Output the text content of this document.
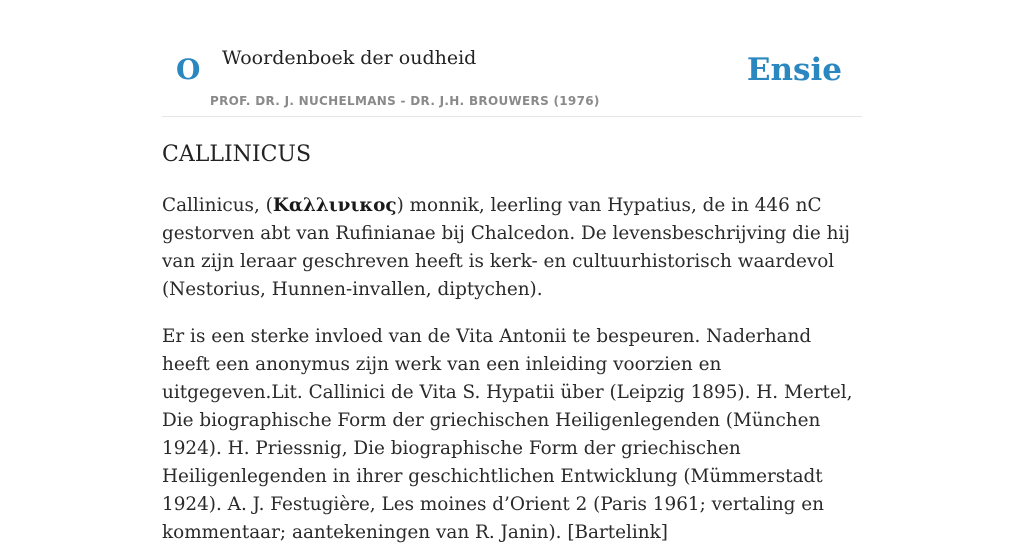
O Woordenboek der oudheid
PROF. DR. J. NUCHELMANS - DR. J.H. BROUWERS (1976)
Ensie
CALLINICUS

Callinicus, (Καλλινικος) monnik, leerling van Hypatius, de in 446 nC gestorven abt van Rufinianae bij Chalcedon. De levensbeschrijving die hij van zijn leraar geschreven heeft is kerk- en cultuurhistorisch waardevol (Nestorius, Hunnen-invallen, diptychen).

Er is een sterke invloed van de Vita Antonii te bespeuren. Naderhand heeft een anonymus zijn werk van een inleiding voorzien en uitgegeven.Lit. Callinici de Vita S. Hypatii über (Leipzig 1895). H. Mertel, Die biographische Form der griechischen Heiligenlegenden (München 1924). H. Priessnig, Die biographische Form der griechischen Heiligenlegenden in ihrer geschichtlichen Entwicklung (Mümmerstadt 1924). A. J. Festugière, Les moines d’Orient 2 (Paris 1961; vertaling en kommentaar; aantekeningen van R. Janin). [Bartelink]
